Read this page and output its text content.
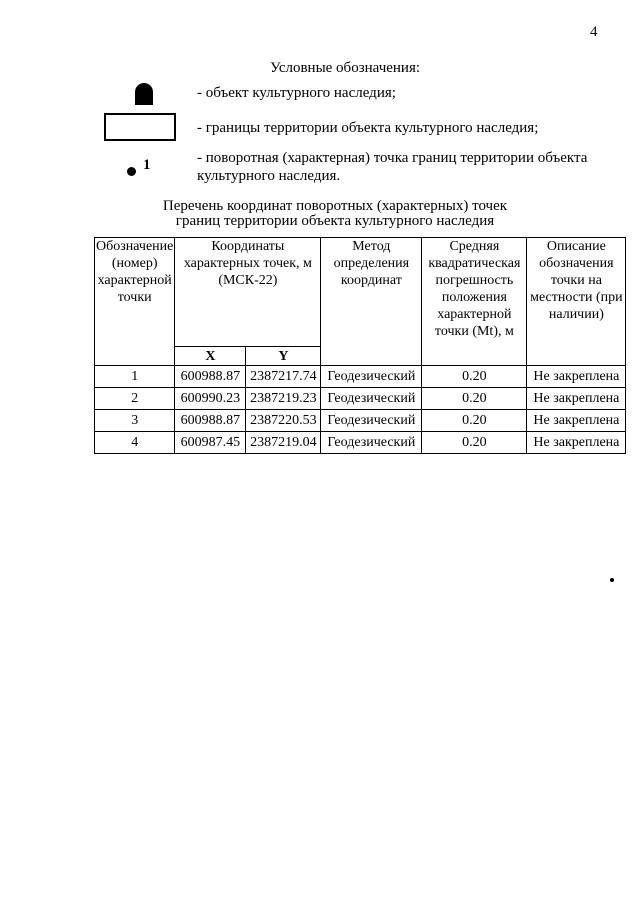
4
Условные обозначения:
- объект культурного наследия;
- границы территории объекта культурного наследия;
1	- поворотная (характерная) точка границ территории объекта культурного наследия.
Перечень координат поворотных (характерных) точек
границ территории объекта культурного наследия
Обозначение (номер) характерной точки	Координаты характерных точек, м (МСК-22)		Метод определения координат	Средняя квадратическая погрешность положения характерной точки (Mt), м	Описание обозначения точки на местности (при наличии)
	X	Y			
1	600988.87	2387217.74	Геодезический	0.20	Не закреплена
2	600990.23	2387219.23	Геодезический	0.20	Не закреплена
3	600988.87	2387220.53	Геодезический	0.20	Не закреплена
4	600987.45	2387219.04	Геодезический	0.20	Не закреплена
